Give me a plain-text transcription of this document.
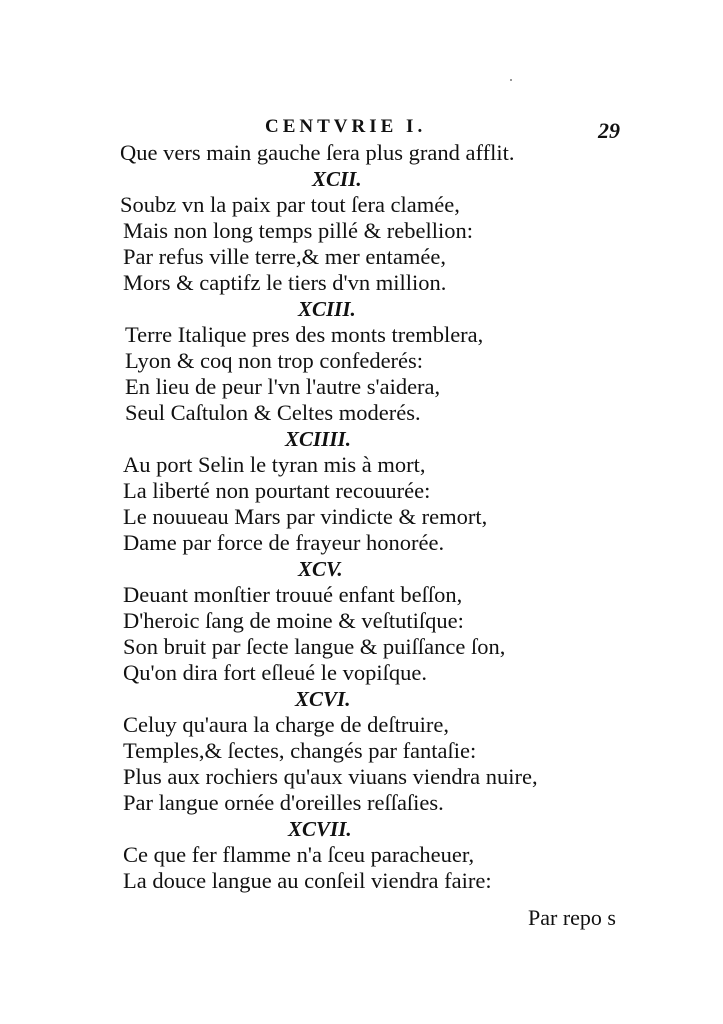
CENTVRIE I.	29
Que vers main gauche ſera plus grand afflit.
XCII.
Soubz vn la paix par tout ſera clamée,
Mais non long temps pillé & rebellion:
Par refus ville terre,& mer entamée,
Mors & captifz le tiers d'vn million.
XCIII.
Terre Italique pres des monts tremblera,
Lyon & coq non trop confederés:
En lieu de peur l'vn l'autre s'aidera,
Seul Caſtulon & Celtes moderés.
XCIIII.
Au port Selin le tyran mis à mort,
La liberté non pourtant recouurée:
Le nouueau Mars par vindicte & remort,
Dame par force de frayeur honorée.
XCV.
Deuant monſtier trouué enfant beſſon,
D'heroic ſang de moine & veſtutiſque:
Son bruit par ſecte langue & puiſſance ſon,
Qu'on dira fort eſleué le vopiſque.
XCVI.
Celuy qu'aura la charge de deſtruire,
Temples,& ſectes, changés par fantaſie:
Plus aux rochiers qu'aux viuans viendra nuire,
Par langue ornée d'oreilles reſſaſies.
XCVII.
Ce que fer flamme n'a ſceu paracheuer,
La douce langue au conſeil viendra faire:
Par repo s
